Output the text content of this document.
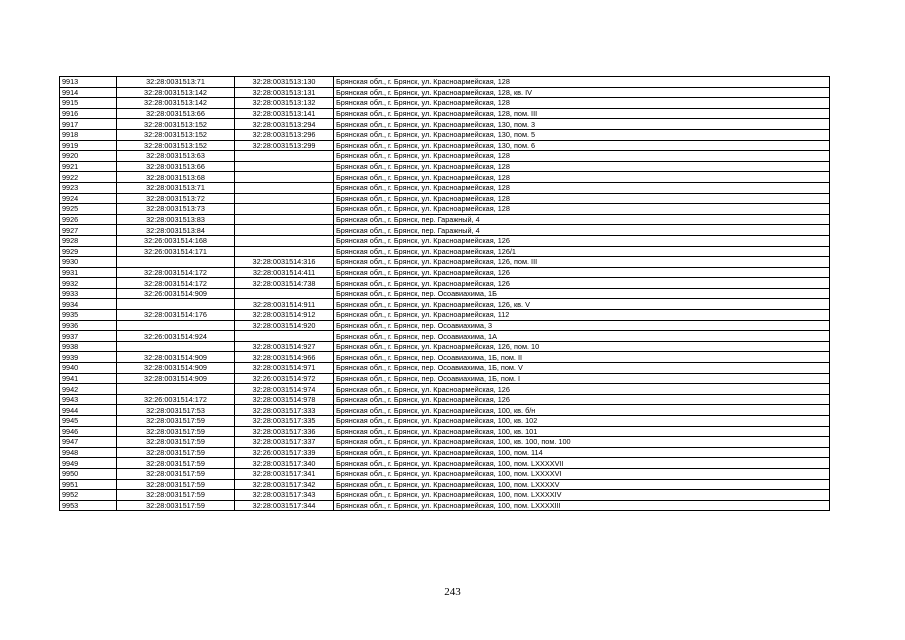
9913	32:28:0031513:71	32:28:0031513:130	Брянская обл., г. Брянск, ул. Красноармейская, 128
9914	32:28:0031513:142	32:28:0031513:131	Брянская обл., г. Брянск, ул. Красноармейская, 128, кв. IV
9915	32:28:0031513:142	32:28:0031513:132	Брянская обл., г. Брянск, ул. Красноармейская, 128
9916	32:28:0031513:66	32:28:0031513:141	Брянская обл., г. Брянск, ул. Красноармейская, 128, пом. III
9917	32:28:0031513:152	32:28:0031513:294	Брянская обл., г. Брянск, ул. Красноармейская, 130, пом. 3
9918	32:28:0031513:152	32:28:0031513:296	Брянская обл., г. Брянск, ул. Красноармейская, 130, пом. 5
9919	32:28:0031513:152	32:28:0031513:299	Брянская обл., г. Брянск, ул. Красноармейская, 130, пом. 6
9920	32:28:0031513:63		Брянская обл., г. Брянск, ул. Красноармейская, 128
9921	32:28:0031513:66		Брянская обл., г. Брянск, ул. Красноармейская, 128
9922	32:28:0031513:68		Брянская обл., г. Брянск, ул. Красноармейская, 128
9923	32:28:0031513:71		Брянская обл., г. Брянск, ул. Красноармейская, 128
9924	32:28:0031513:72		Брянская обл., г. Брянск, ул. Красноармейская, 128
9925	32:28:0031513:73		Брянская обл., г. Брянск, ул. Красноармейская, 128
9926	32:28:0031513:83		Брянская обл., г. Брянск, пер. Гаражный, 4
9927	32:28:0031513:84		Брянская обл., г. Брянск, пер. Гаражный, 4
9928	32:26:0031514:168		Брянская обл., г. Брянск, ул. Красноармейская, 126
9929	32:26:0031514:171		Брянская обл., г. Брянск, ул. Красноармейская, 126/1
9930		32:28:0031514:316	Брянская обл., г. Брянск, ул. Красноармейская, 126, пом. III
9931	32:28:0031514:172	32:28:0031514:411	Брянская обл., г. Брянск, ул. Красноармейская, 126
9932	32:28:0031514:172	32:28:0031514:738	Брянская обл., г. Брянск, ул. Красноармейская, 126
9933	32:26:0031514:909		Брянская обл., г. Брянск, пер. Осоавиахима, 1Б
9934		32:28:0031514:911	Брянская обл., г. Брянск, ул. Красноармейская, 126, кв. V
9935	32:28:0031514:176	32:28:0031514:912	Брянская обл., г. Брянск, ул. Красноармейская, 112
9936		32:28:0031514:920	Брянская обл., г. Брянск, пер. Осоавиахима, 3
9937	32:26:0031514:924		Брянская обл., г. Брянск, пер. Осоавиахима, 1А
9938		32:28:0031514:927	Брянская обл., г. Брянск, ул. Красноармейская, 126, пом. 10
9939	32:28:0031514:909	32:28:0031514:966	Брянская обл., г. Брянск, пер. Осоавиахима, 1Б, пом. II
9940	32:28:0031514:909	32:28:0031514:971	Брянская обл., г. Брянск, пер. Осоавиахима, 1Б, пом. V
9941	32:28:0031514:909	32:26:0031514:972	Брянская обл., г. Брянск, пер. Осоавиахима, 1Б, пом. I
9942		32:28:0031514:974	Брянская обл., г. Брянск, ул. Красноармейская, 126
9943	32:26:0031514:172	32:28:0031514:978	Брянская обл., г. Брянск, ул. Красноармейская, 126
9944	32:28:0031517:53	32:28:0031517:333	Брянская обл., г. Брянск, ул. Красноармейская, 100, кв. б/н
9945	32:28:0031517:59	32:28:0031517:335	Брянская обл., г. Брянск, ул. Красноармейская, 100, кв. 102
9946	32:28:0031517:59	32:28:0031517:336	Брянская обл., г. Брянск, ул. Красноармейская, 100, кв. 101
9947	32:28:0031517:59	32:28:0031517:337	Брянская обл., г. Брянск, ул. Красноармейская, 100, кв. 100, пом. 100
9948	32:28:0031517:59	32:26:0031517:339	Брянская обл., г. Брянск, ул. Красноармейская, 100, пом. 114
9949	32:28:0031517:59	32:28:0031517:340	Брянская обл., г. Брянск, ул. Красноармейская, 100, пом. LXXXXVII
9950	32:28:0031517:59	32:28:0031517:341	Брянская обл., г. Брянск, ул. Красноармейская, 100, пом. LXXXXVI
9951	32:28:0031517:59	32:28:0031517:342	Брянская обл., г. Брянск, ул. Красноармейская, 100, пом. LXXXXV
9952	32:28:0031517:59	32:28:0031517:343	Брянская обл., г. Брянск, ул. Красноармейская, 100, пом. LXXXXIV
9953	32:28:0031517:59	32:28:0031517:344	Брянская обл., г. Брянск, ул. Красноармейская, 100, пом. LXXXXIII
243
